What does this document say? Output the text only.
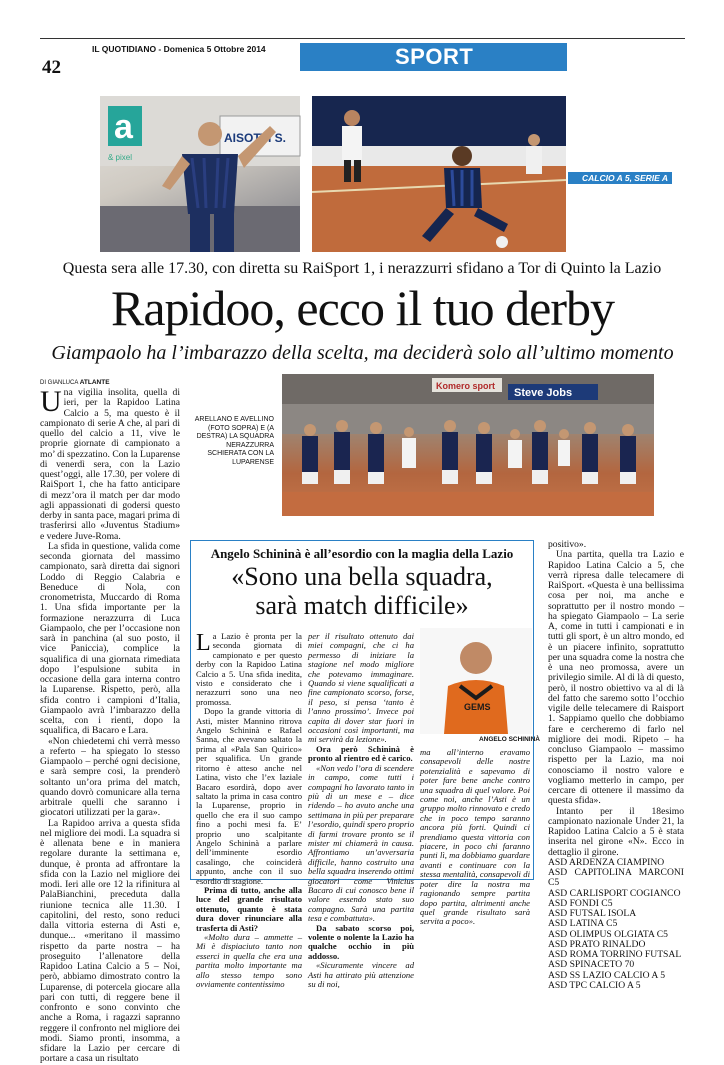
IL QUOTIDIANO - Domenica 5 Ottobre 2014
42	SPORT
a
& pixel
AISOTTI S.
CALCIO A 5, SERIE A
Questa sera alle 17.30, con diretta su RaiSport 1, i nerazzurri sfidano a Tor di Quinto la Lazio
Rapidoo, ecco il tuo derby
Giampaolo ha l’imbarazzo della scelta, ma deciderà solo all’ultimo momento
DI GIANLUCA ATLANTE

Una vigilia insolita, quella di ieri, per la Rapidoo Latina Calcio a 5, ma questo è il campionato di serie A che, al pari di quello del calcio a 11, vive le proprie giornate di campionato a mo’ di spezzatino. Con la Luparense di venerdì sera, con la Lazio quest’oggi, alle 17.30, per volere di RaiSport 1, che ha fatto anticipare di mezz’ora il match per dar modo agli appassionati di godersi questo derby in santa pace, magari prima di trasferirsi allo «Juventus Stadium» e vedere Juve-Roma.

La sfida in questione, valida come seconda giornata del massimo campionato, sarà diretta dai signori Loddo di Reggio Calabria e Beneduce di Nola, con cronometrista, Muccardo di Roma 1. Una sfida importante per la formazione nerazzurra di Luca Giampaolo, che per l’occasione non sarà in panchina (al suo posto, il vice Paniccia), complice la squalifica di una giornata rimediata dopo l’espulsione subita in occasione della gara interna contro la Luparense. Rispetto, però, alla sfida contro i campioni d’Italia, Giampaolo avrà l’imbarazzo della scelta, con i rienti, dopo la squalifica, di Bacaro e Lara.

«Non chiedetemi chi verrà messo a referto – ha spiegato lo stesso Giampaolo – perché ogni decisione, e sarà sempre così, la prenderò soltanto un’ora prima del match, quando dovrò comunicare alla terna arbitrale quelli che saranno i giocatori utilizzati per la gara».

La Rapidoo arriva a questa sfida nel migliore dei modi. La squadra si è allenata bene e in maniera regolare durante la settimana e, dunque, è pronta ad affrontare la sfida con la Lazio nel migliore dei modi. Ieri alle ore 12 la rifinitura al PalaBianchini, preceduta dalla riunione tecnica alle 11.30. I capitolini, del resto, sono reduci dalla vittoria esterna di Asti e, dunque... «meritano il massimo rispetto da parte nostra – ha proseguito l’allenatore della Rapidoo Latina Calcio a 5 – Noi, però, abbiamo dimostrato contro la Luparense, di potercela giocare alla pari con tutti, di reggere bene il confronto e sono convinto che anche a Roma, i ragazzi sapranno reggere il confronto nel migliore dei modi. Siamo pronti, insomma, a sfidare la Lazio per cercare di portare a casa un risultato

ARELLANO E AVELLINO (FOTO SOPRA) E (A DESTRA) LA SQUADRA NERAZZURRA SCHIERATA CON LA LUPARENSE
Komero sport
Steve Jobs
Angelo Schininà è all’esordio con la maglia della Lazio
«Sono una bella squadra,
sarà match difficile»

La Lazio è pronta per la seconda giornata di campionato e per questo derby con la Rapidoo Latina Calcio a 5. Una sfida inedita, visto e considerato che i nerazzurri sono una neo promossa.

Dopo la grande vittoria di Asti, mister Mannino ritrova Angelo Schininà e Rafael Sanna, che avevano saltato la prima al «Pala San Quirico» per squalifica. Un grande ritorno è atteso anche nel Latina, visto che l’ex laziale Bacaro esordirà, dopo aver saltato la prima in casa contro la Luparense, proprio in quello che era il suo campo fino a pochi mesi fa. E’ proprio uno scalpitante Angelo Schininà a parlare dell’imminente esordio casalingo, che coinciderà appunto, anche con il suo esordio di stagione.

Prima di tutto, anche alla luce del grande risultato ottenuto, quanto è stata dura dover rinunciare alla trasferta di Asti?

«Molto dura – ammette – Mi è dispiaciuto tanto non esserci in quella che era una partita molto importante ma allo stesso tempo sono ovviamente contentissimo

per il risultato ottenuto dai miei compagni, che ci ha permesso di iniziare la stagione nel modo migliore che potevamo immaginare. Quando si viene squalificati a fine campionato scorso, forse, il peso, si pensa ‘tanto è l’anno prossimo’. Invece poi capita di dover star fuori in occasioni così importanti, ma mi servirà da lezione».

Ora però Schininà è pronto al rientro ed è carico.

«Non vedo l’ora di scendere in campo, come tutti i compagni ho lavorato tanto in più di un mese e – dice ridendo – ho avuto anche una settimana in più per preparare l’esordio, quindi spero proprio di farmi trovare pronto se il mister mi chiamerà in causa. Affrontiamo un’avversaria difficile, hanno costruito una bella squadra inserendo ottimi giocatori come Vinicius Bacaro di cui conosco bene il valore essendo stato suo compagno. Sarà una partita tesa e combattuta».

Da sabato scorso poi, volente o nolente la Lazio ha qualche occhio in più addosso.

«Sicuramente vincere ad Asti ha attirato più attenzione su di noi,

GEMS
ANGELO SCHININÀ

ma all’interno eravamo consapevoli delle nostre potenzialità e sapevamo di poter fare bene anche contro una squadra di quel valore. Poi come noi, anche l’Asti è un gruppo molto rinnovato e credo che in poco tempo saranno ancora più forti. Quindi ci prendiamo questa vittoria con piacere, in poco chi faranno punti lì, ma dobbiamo guardare avanti e continuare con la stessa mentalità, consapevoli di poter dire la nostra ma ragionando sempre partita dopo partita, altrimenti anche quel grande risultato sarà servita a poco».

positivo».

Una partita, quella tra Lazio e Rapidoo Latina Calcio a 5, che verrà ripresa dalle telecamere di RaiSport. «Questa è una bellissima cosa per noi, ma anche e soprattutto per il nostro mondo – ha spiegato Giampaolo – La serie A, come in tutti i campionati e in tutti gli sport, è un altro mondo, ed è un piacere infinito, soprattutto per una squadra come la nostra che è una neo promossa, avere un privilegio simile. Al di là di questo, però, il nostro obiettivo va al di là del fatto che saremo sotto l’occhio vigile delle telecamere di Raisport 1. Sappiamo quello che dobbiamo fare e cercheremo di farlo nel migliore dei modi. Ripeto – ha concluso Giampaolo – massimo rispetto per la Lazio, ma noi conosciamo il nostro valore e vogliamo metterlo in campo, per cercare di ottenere il massimo da questa sfida».

Intanto per il 18esimo campionato nazionale Under 21, la Rapidoo Latina Calcio a 5 è stata inserita nel girone «N». Ecco in dettaglio il girone.

ASD ARDENZA CIAMPINO
ASD CAPITOLINA MARCONI C5
ASD CARLISPORT COGIANCO
ASD FONDI C5
ASD FUTSAL ISOLA
ASD LATINA C5
ASD OLIMPUS OLGIATA C5
ASD PRATO RINALDO
ASD ROMA TORRINO FUTSAL
ASD SPINACETO 70
ASD SS LAZIO CALCIO A 5
ASD TPC CALCIO A 5
